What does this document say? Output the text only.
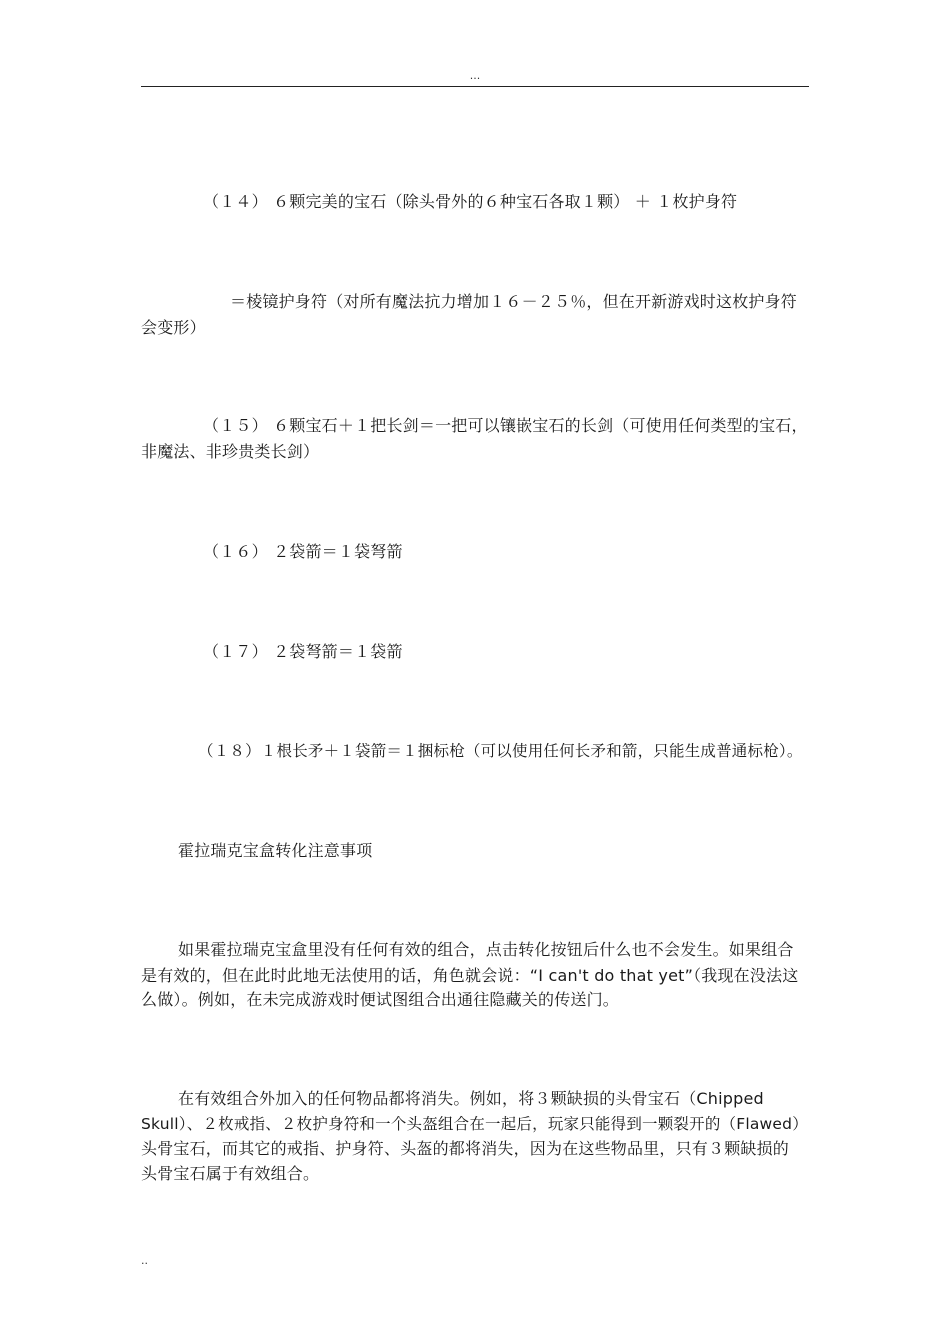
...
（１４） ６颗完美的宝石（除头骨外的６种宝石各取１颗） ＋ １枚护身符
＝棱镜护身符（对所有魔法抗力增加１６－２５％，但在开新游戏时这枚护身符
会变形）
（１５） ６颗宝石＋１把长剑＝一把可以镶嵌宝石的长剑（可使用任何类型的宝石，
非魔法、非珍贵类长剑）
（１６） ２袋箭＝１袋弩箭
（１７） ２袋弩箭＝１袋箭
（１８）１根长矛＋１袋箭＝１捆标枪（可以使用任何长矛和箭，只能生成普通标枪）。
霍拉瑞克宝盒转化注意事项
如果霍拉瑞克宝盒里没有任何有效的组合，点击转化按钮后什么也不会发生。如果组合
是有效的，但在此时此地无法使用的话，角色就会说：“I can't do that yet”（我现在没法这
么做）。例如，在未完成游戏时便试图组合出通往隐藏关的传送门。
在有效组合外加入的任何物品都将消失。例如，将３颗缺损的头骨宝石（Chipped
Skull）、２枚戒指、２枚护身符和一个头盔组合在一起后，玩家只能得到一颗裂开的（Flawed）
头骨宝石，而其它的戒指、护身符、头盔的都将消失，因为在这些物品里，只有３颗缺损的
头骨宝石属于有效组合。
..
